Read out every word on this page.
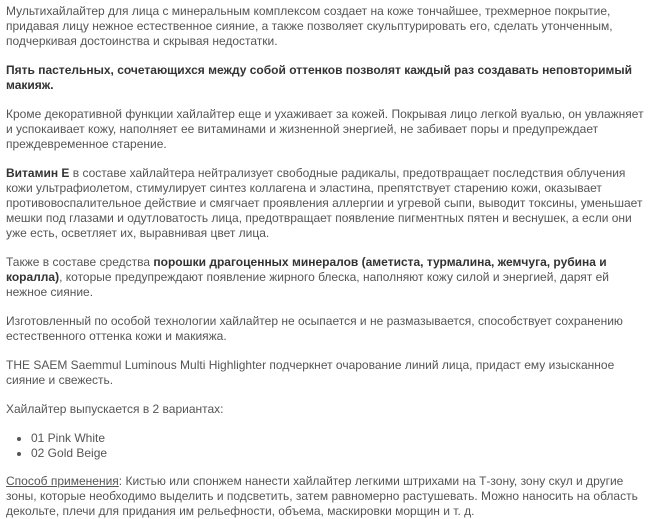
Мультихайлайтер для лица с минеральным комплексом создает на коже тончайшее, трехмерное покрытие, придавая лицу нежное естественное сияние, а также позволяет скульптурировать его, сделать утонченным, подчеркивая достоинства и скрывая недостатки.

Пять пастельных, сочетающихся между собой оттенков позволят каждый раз создавать неповторимый макияж.

Кроме декоративной функции хайлайтер еще и ухаживает за кожей. Покрывая лицо легкой вуалью, он увлажняет и успокаивает кожу, наполняет ее витаминами и жизненной энергией, не забивает поры и предупреждает преждевременное старение.

Витамин Е в составе хайлайтера нейтрализует свободные радикалы, предотвращает последствия облучения кожи ультрафиолетом, стимулирует синтез коллагена и эластина, препятствует старению кожи, оказывает противовоспалительное действие и смягчает проявления аллергии и угревой сыпи, выводит токсины, уменьшает мешки под глазами и одутловатость лица, предотвращает появление пигментных пятен и веснушек, а если они уже есть, осветляет их, выравнивая цвет лица.

Также в составе средства порошки драгоценных минералов (аметиста, турмалина, жемчуга, рубина и коралла), которые предупреждают появление жирного блеска, наполняют кожу силой и энергией, дарят ей нежное сияние.

Изготовленный по особой технологии хайлайтер не осыпается и не размазывается, способствует сохранению естественного оттенка кожи и макияжа.

THE SAEM Saemmul Luminous Multi Highlighter подчеркнет очарование линий лица, придаст ему изысканное сияние и свежесть.

Хайлайтер выпускается в 2 вариантах:

• 01 Pink White
• 02 Gold Beige

Способ применения: Кистью или спонжем нанести хайлайтер легкими штрихами на Т-зону, зону скул и другие зоны, которые необходимо выделить и подсветить, затем равномерно растушевать. Можно наносить на область декольте, плечи для придания им рельефности, объема, маскировки морщин и т. д.
